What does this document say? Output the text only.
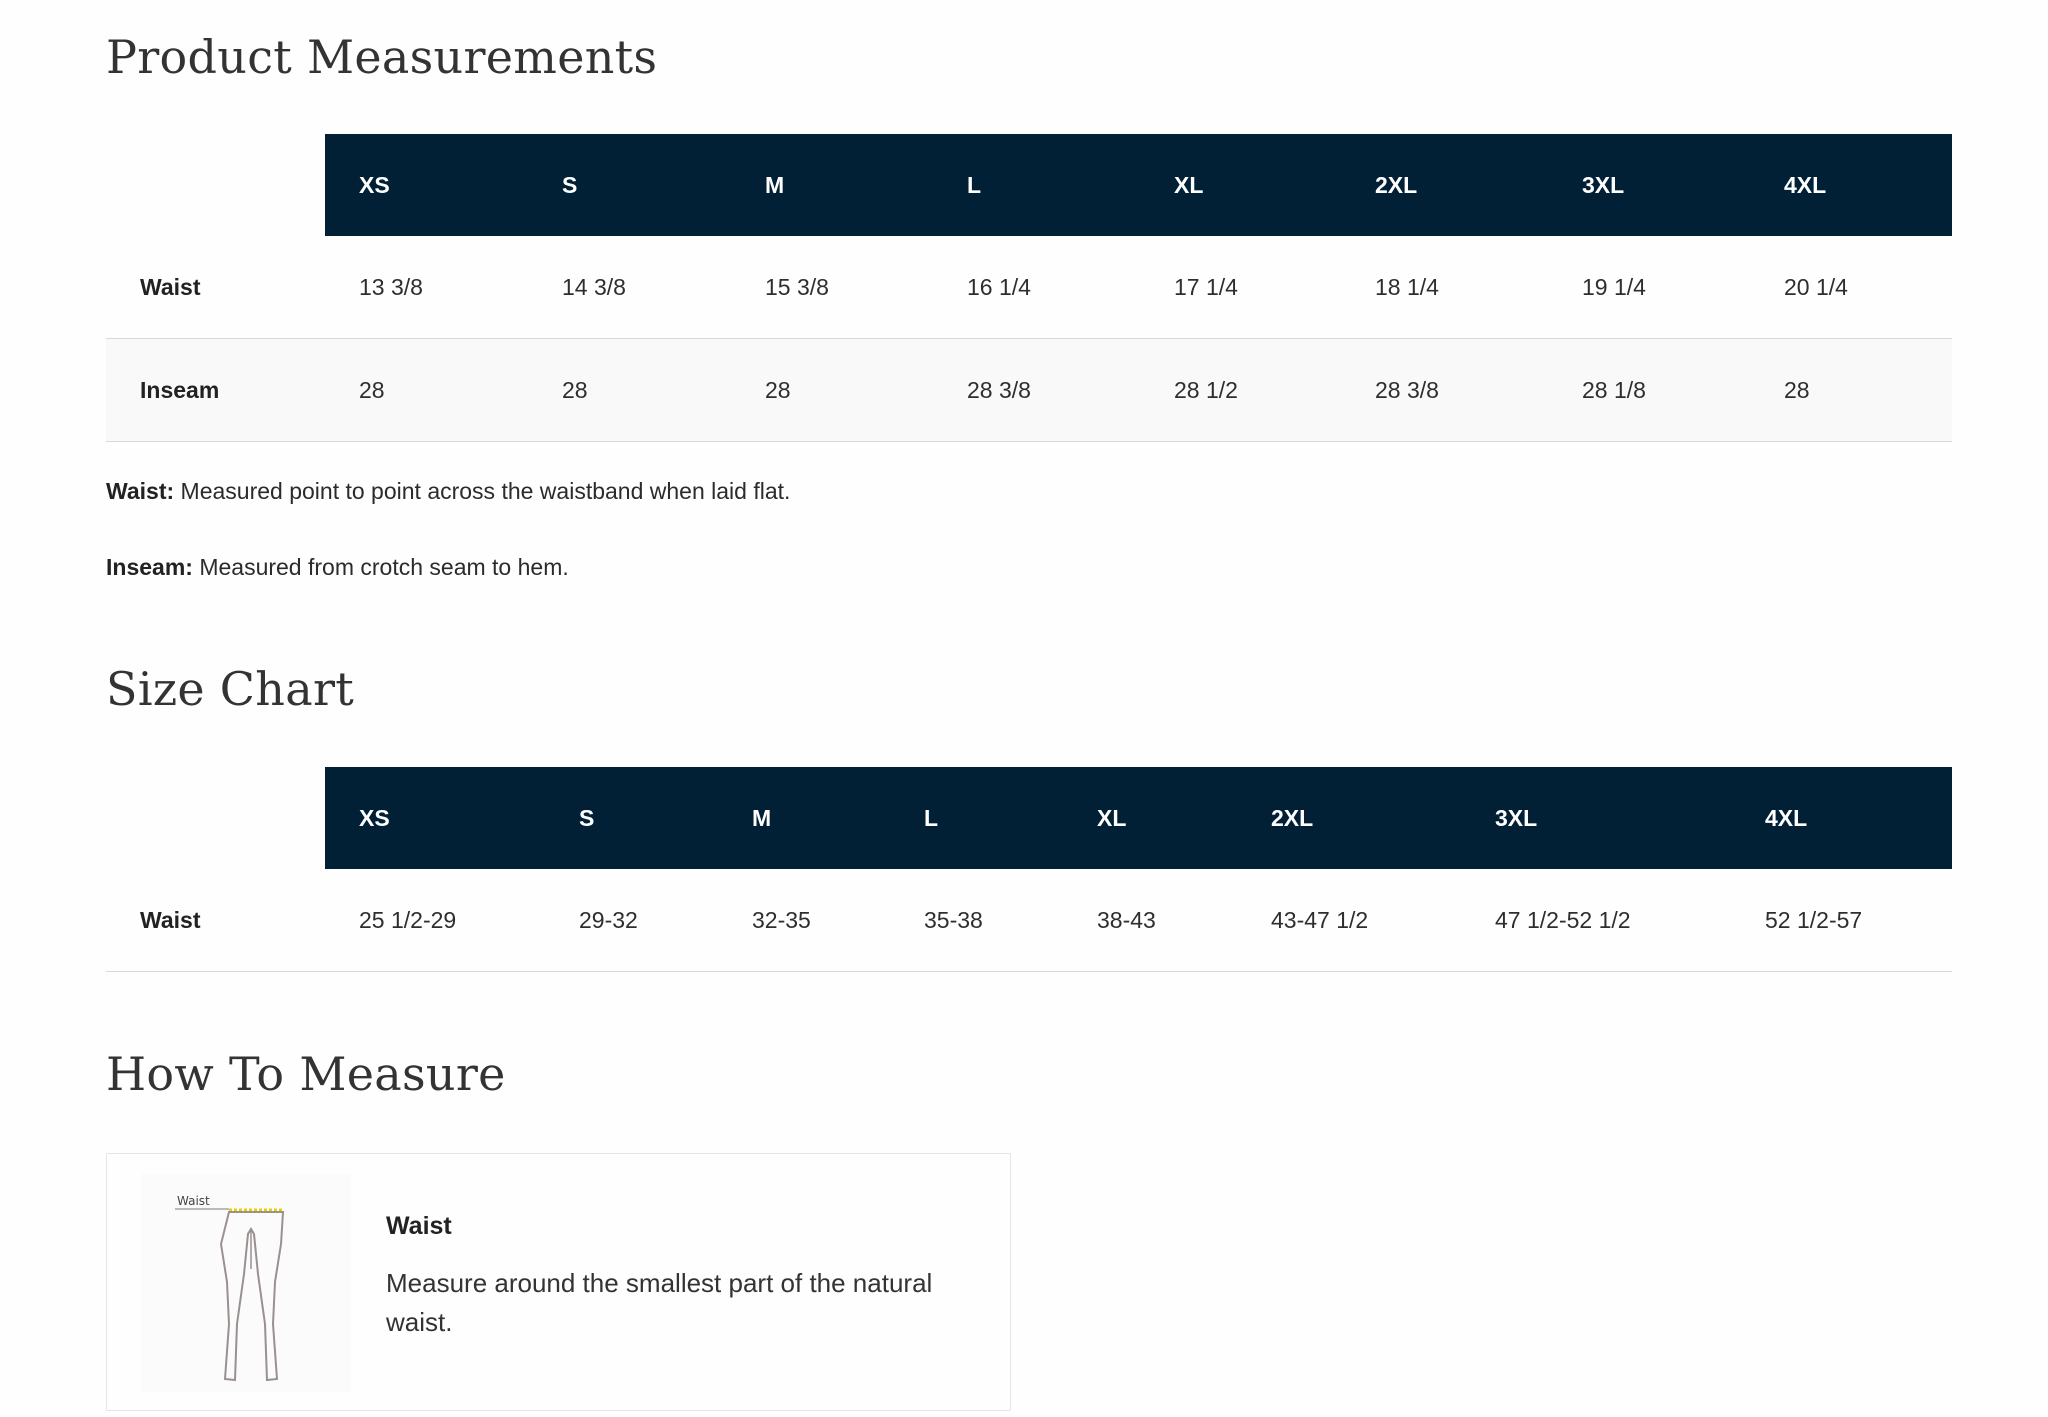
Product Measurements
	XS	S	M	L	XL	2XL	3XL	4XL
Waist	13 3/8	14 3/8	15 3/8	16 1/4	17 1/4	18 1/4	19 1/4	20 1/4
Inseam	28	28	28	28 3/8	28 1/2	28 3/8	28 1/8	28

Waist: Measured point to point across the waistband when laid flat.

Inseam: Measured from crotch seam to hem.

Size Chart
	XS	S	M	L	XL	2XL	3XL	4XL
Waist	25 1/2-29	29-32	32-35	35-38	38-43	43-47 1/2	47 1/2-52 1/2	52 1/2-57
How To Measure
Waist
Waist

Measure around the smallest part of the natural waist.
